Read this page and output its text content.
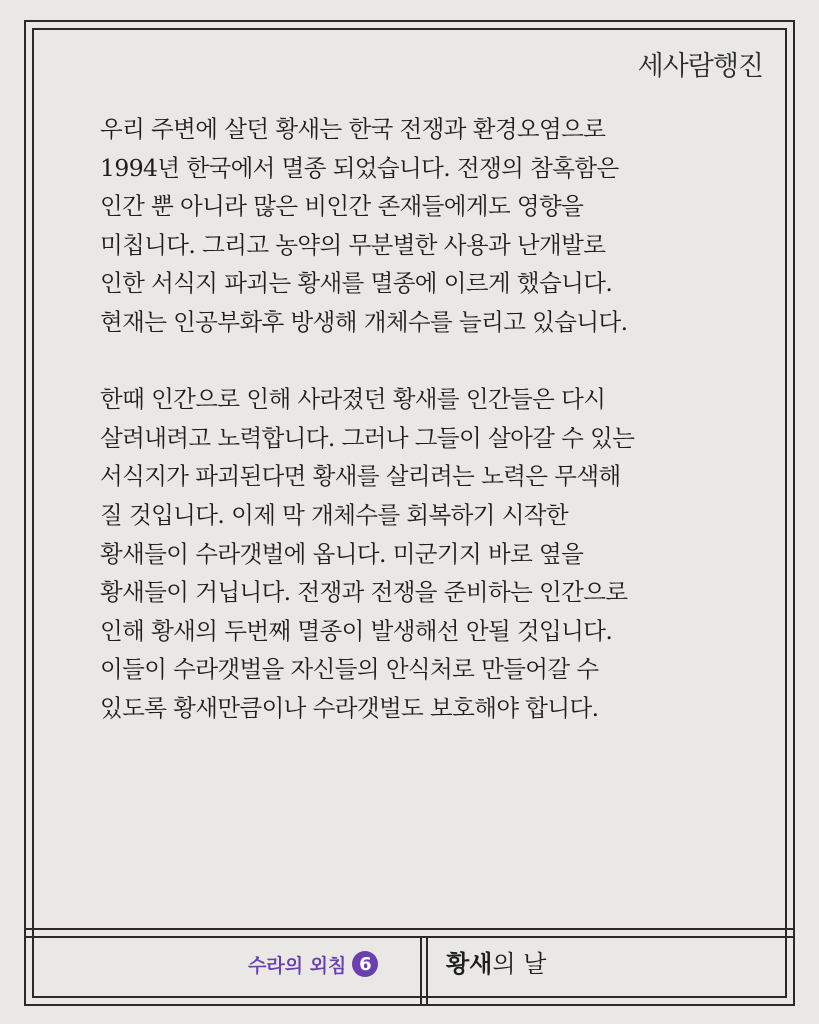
세사람행진

우리 주변에 살던 황새는 한국 전쟁과 환경오염으로
1994년 한국에서 멸종 되었습니다. 전쟁의 참혹함은
인간 뿐 아니라 많은 비인간 존재들에게도 영향을
미칩니다. 그리고 농약의 무분별한 사용과 난개발로
인한 서식지 파괴는 황새를 멸종에 이르게 했습니다.
현재는 인공부화후 방생해 개체수를 늘리고 있습니다.

한때 인간으로 인해 사라졌던 황새를 인간들은 다시
살려내려고 노력합니다. 그러나 그들이 살아갈 수 있는
서식지가 파괴된다면 황새를 살리려는 노력은 무색해
질 것입니다. 이제 막 개체수를 회복하기 시작한
황새들이 수라갯벌에 옵니다. 미군기지 바로 옆을
황새들이 거닙니다. 전쟁과 전쟁을 준비하는 인간으로
인해 황새의 두번째 멸종이 발생해선 안될 것입니다.
이들이 수라갯벌을 자신들의 안식처로 만들어갈 수
있도록 황새만큼이나 수라갯벌도 보호해야 합니다.

수라의 외침 6	황새의 날
